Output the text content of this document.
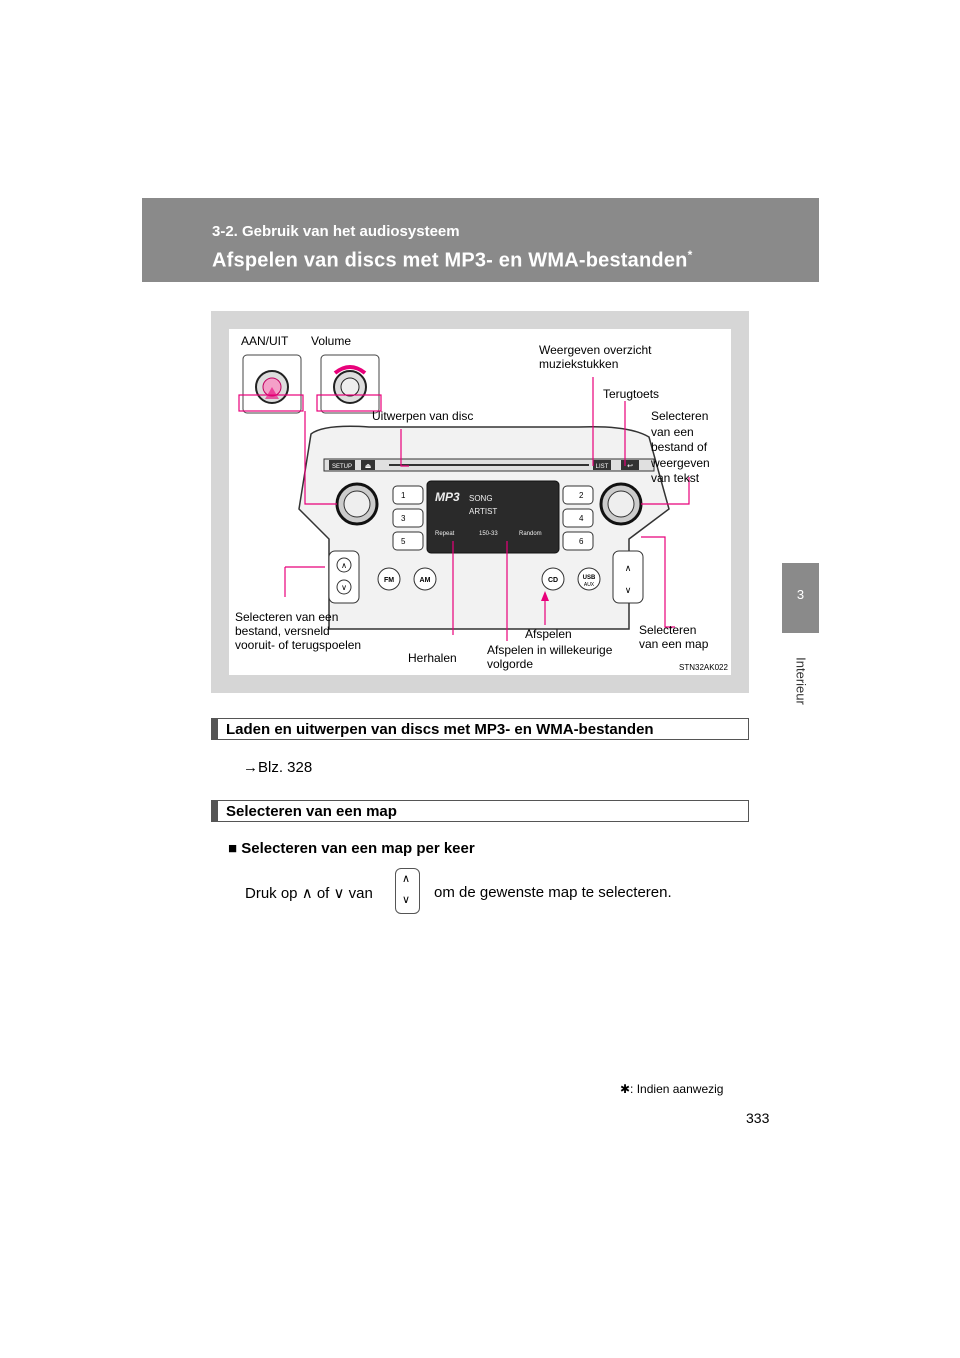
3-2. Gebruik van het audiosysteem
Afspelen van discs met MP3- en WMA-bestanden*
3
Interieur
SETUP ⏏	LIST	↩
1
3
5
2
4
6
MP3 SONG
ARTIST
Repeat	150-33	Random
∧
∨
FM	AM	CD	USB
AUX
∧
∨
AAN/UIT Volume
Weergeven overzicht
muziekstukken
Terugtoets
Uitwerpen van disc	Selecteren
van een
bestand of
weergeven
van tekst
Selecteren van een
bestand, versneld
vooruit- of terugspoelen
Herhalen
Afspelen in willekeurige
volgorde
Afspelen	Selecteren
van een map
STN32AK022
Laden en uitwerpen van discs met MP3- en WMA-bestanden
→Blz. 328
Selecteren van een map
■ Selecteren van een map per keer
Druk op ∧ of ∨ van
∧
∨ om de gewenste map te selecteren.
✱: Indien aanwezig
333
